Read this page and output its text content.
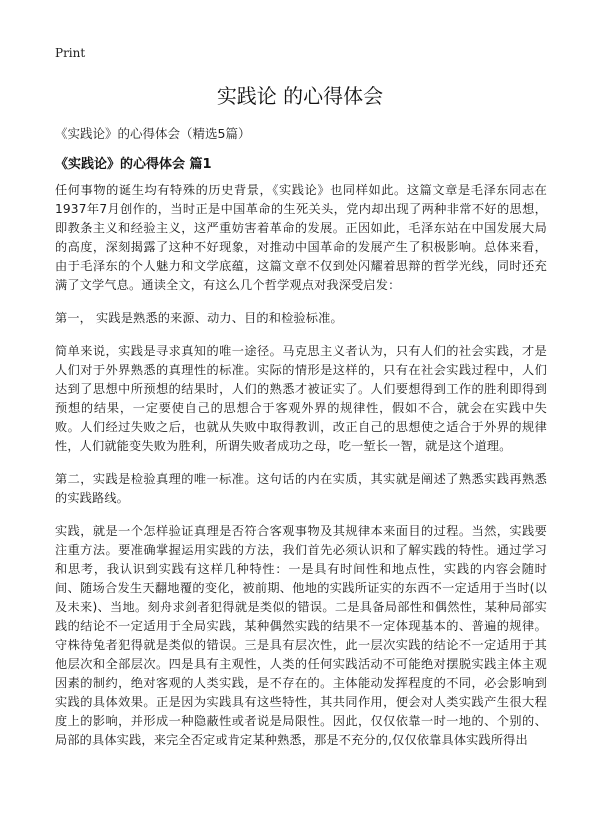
Print
实践论 的心得体会
《实践论》的心得体会（精选5篇）
《实践论》的心得体会 篇1

任何事物的诞生均有特殊的历史背景，《实践论》也同样如此。这篇文章是毛泽东同志在1937年7月创作的，当时正是中国革命的生死关头，党内却出现了两种非常不好的思想，即教条主义和经验主义，这严重妨害着革命的发展。正因如此，毛泽东站在中国发展大局的高度，深刻揭露了这种不好现象，对推动中国革命的发展产生了积极影响。总体来看，由于毛泽东的个人魅力和文学底蕴，这篇文章不仅到处闪耀着思辩的哲学光线，同时还充满了文学气息。通读全文，有这么几个哲学观点对我深受启发：

第一， 实践是熟悉的来源、动力、目的和检验标准。

简单来说，实践是寻求真知的唯一途径。马克思主义者认为，只有人们的社会实践，才是人们对于外界熟悉的真理性的标准。实际的情形是这样的，只有在社会实践过程中，人们达到了思想中所预想的结果时，人们的熟悉才被证实了。人们要想得到工作的胜利即得到预想的结果，一定要使自己的思想合于客观外界的规律性，假如不合，就会在实践中失败。人们经过失败之后，也就从失败中取得教训，改正自己的思想使之适合于外界的规律性，人们就能变失败为胜利，所谓失败者成功之母，吃一堑长一智，就是这个道理。

第二，实践是检验真理的唯一标准。这句话的内在实质，其实就是阐述了熟悉实践再熟悉的实践路线。

实践，就是一个怎样验证真理是否符合客观事物及其规律本来面目的过程。当然，实践要注重方法。要准确掌握运用实践的方法，我们首先必须认识和了解实践的特性。通过学习和思考，我认识到实践有这样几种特性：一是具有时间性和地点性，实践的内容会随时间、随场合发生天翻地覆的变化，被前期、他地的实践所证实的东西不一定适用于当时(以及未来)、当地。刻舟求剑者犯得就是类似的错误。二是具备局部性和偶然性，某种局部实践的结论不一定适用于全局实践，某种偶然实践的结果不一定体现基本的、普遍的规律。守株待兔者犯得就是类似的错误。三是具有层次性，此一层次实践的结论不一定适用于其他层次和全部层次。四是具有主观性，人类的任何实践活动不可能绝对摆脱实践主体主观因素的制约，绝对客观的人类实践，是不存在的。主体能动发挥程度的不同，必会影响到实践的具体效果。正是因为实践具有这些特性，其共同作用，便会对人类实践产生很大程度上的影响，并形成一种隐蔽性或者说是局限性。因此，仅仅依靠一时一地的、个别的、局部的具体实践，来完全否定或肯定某种熟悉，那是不充分的,仅仅依靠具体实践所得出
